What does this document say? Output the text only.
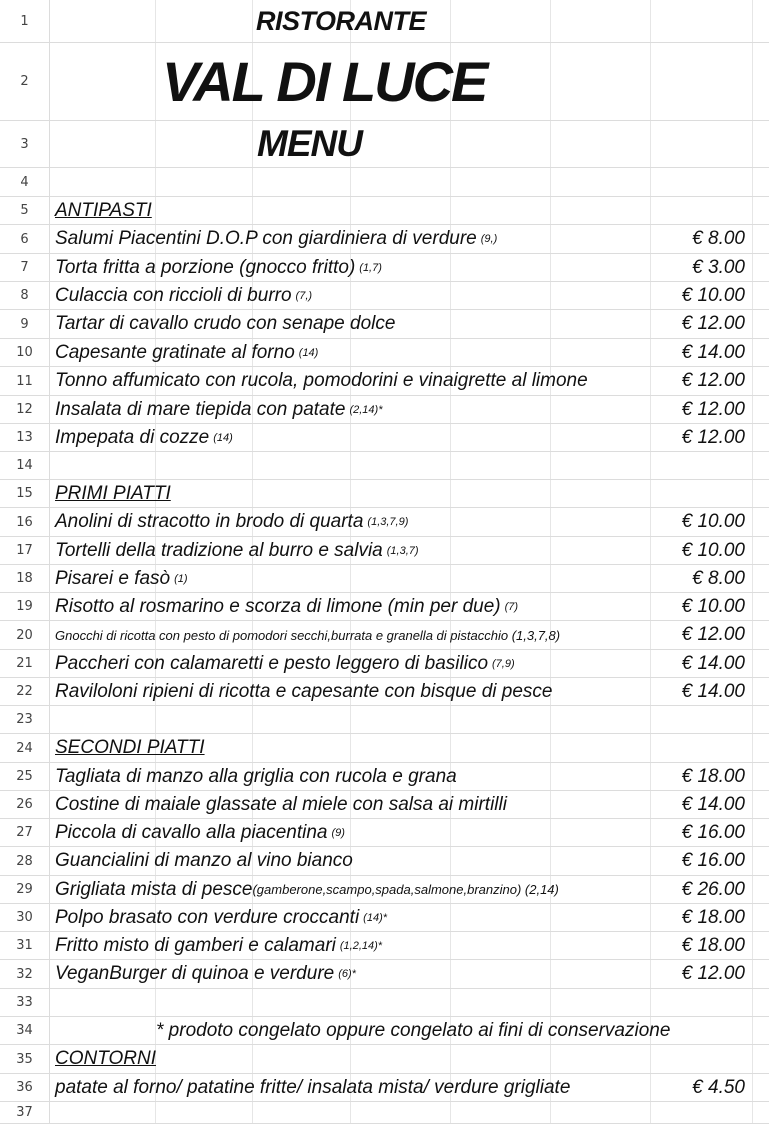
1	RISTORANTE
2	VAL DI LUCE
3	MENU
4
5	ANTIPASTI
6	Salumi Piacentini D.O.P con giardiniera di verdure (9,)	€ 8.00
7	Torta fritta a porzione (gnocco fritto) (1,7)	€ 3.00
8	Culaccia con riccioli di burro (7,)	€ 10.00
9	Tartar di cavallo crudo con senape dolce	€ 12.00
10	Capesante gratinate al forno (14)	€ 14.00
11	Tonno affumicato con rucola, pomodorini e vinaigrette al limone	€ 12.00
12	Insalata di mare tiepida con patate (2,14)*	€ 12.00
13	Impepata di cozze (14)	€ 12.00
14
15	PRIMI PIATTI
16	Anolini di stracotto in brodo di quarta (1,3,7,9)	€ 10.00
17	Tortelli della tradizione al burro e salvia (1,3,7)	€ 10.00
18	Pisarei e fasò (1)	€ 8.00
19	Risotto al rosmarino e scorza di limone (min per due) (7)	€ 10.00
20	Gnocchi di ricotta con pesto di pomodori secchi,burrata e granella di pistacchio (1,3,7,8)	€ 12.00
21	Paccheri con calamaretti e pesto leggero di basilico (7,9)	€ 14.00
22	Raviloloni ripieni di ricotta e capesante con bisque di pesce	€ 14.00
23
24	SECONDI PIATTI
25	Tagliata di manzo alla griglia con rucola e grana	€ 18.00
26	Costine di maiale glassate al miele con salsa ai mirtilli	€ 14.00
27	Piccola di cavallo alla piacentina (9)	€ 16.00
28	Guancialini di manzo al vino bianco	€ 16.00
29	Grigliata mista di pesce (gamberone,scampo,spada,salmone,branzino) (2,14)	€ 26.00
30	Polpo brasato con verdure croccanti (14)*	€ 18.00
31	Fritto misto di gamberi e calamari (1,2,14)*	€ 18.00
32	VeganBurger di quinoa e verdure (6)*	€ 12.00
33
34	* prodoto congelato oppure congelato ai fini di conservazione
35	CONTORNI
36	patate al forno/ patatine fritte/ insalata mista/ verdure grigliate	€ 4.50
37
